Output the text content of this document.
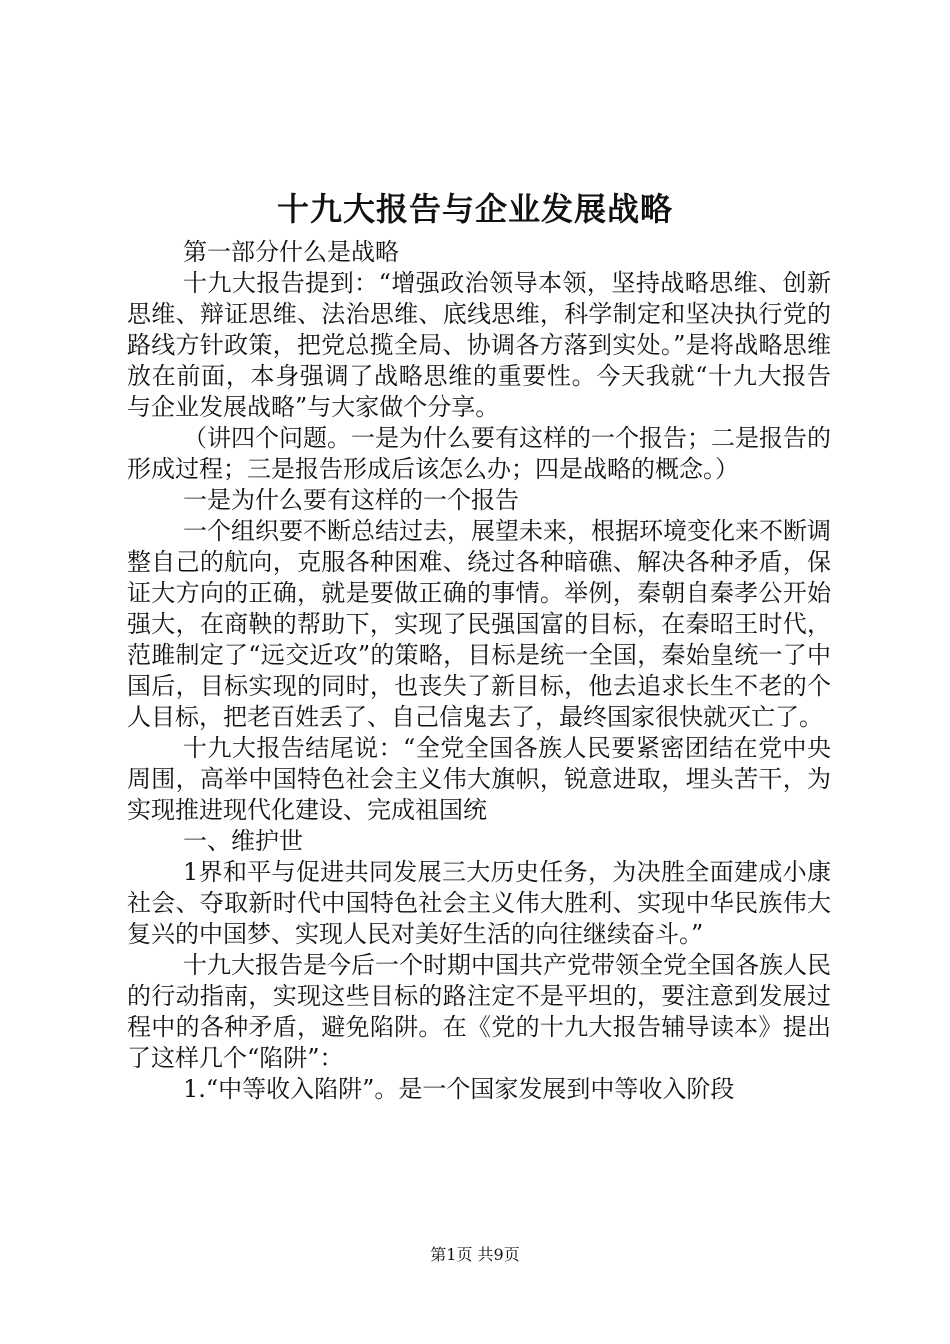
十九大报告与企业发展战略

第一部分什么是战略

十九大报告提到：“增强政治领导本领，坚持战略思维、创新思维、辩证思维、法治思维、底线思维，科学制定和坚决执行党的路线方针政策，把党总揽全局、协调各方落到实处。”是将战略思维放在前面，本身强调了战略思维的重要性。今天我就“十九大报告与企业发展战略”与大家做个分享。

（讲四个问题。一是为什么要有这样的一个报告；二是报告的形成过程；三是报告形成后该怎么办；四是战略的概念。）

一是为什么要有这样的一个报告

一个组织要不断总结过去，展望未来，根据环境变化来不断调整自己的航向，克服各种困难、绕过各种暗礁、解决各种矛盾，保证大方向的正确，就是要做正确的事情。举例，秦朝自秦孝公开始强大，在商鞅的帮助下，实现了民强国富的目标，在秦昭王时代，范雎制定了“远交近攻”的策略，目标是统一全国，秦始皇统一了中国后，目标实现的同时，也丧失了新目标，他去追求长生不老的个人目标，把老百姓丢了、自己信鬼去了，最终国家很快就灭亡了。

十九大报告结尾说：“全党全国各族人民要紧密团结在党中央周围，高举中国特色社会主义伟大旗帜，锐意进取，埋头苦干，为实现推进现代化建设、完成祖国统

一、维护世

1界和平与促进共同发展三大历史任务，为决胜全面建成小康社会、夺取新时代中国特色社会主义伟大胜利、实现中华民族伟大复兴的中国梦、实现人民对美好生活的向往继续奋斗。”

十九大报告是今后一个时期中国共产党带领全党全国各族人民的行动指南，实现这些目标的路注定不是平坦的，要注意到发展过程中的各种矛盾，避免陷阱。在《党的十九大报告辅导读本》提出了这样几个“陷阱”：

1.“中等收入陷阱”。是一个国家发展到中等收入阶段

第1页 共9页
